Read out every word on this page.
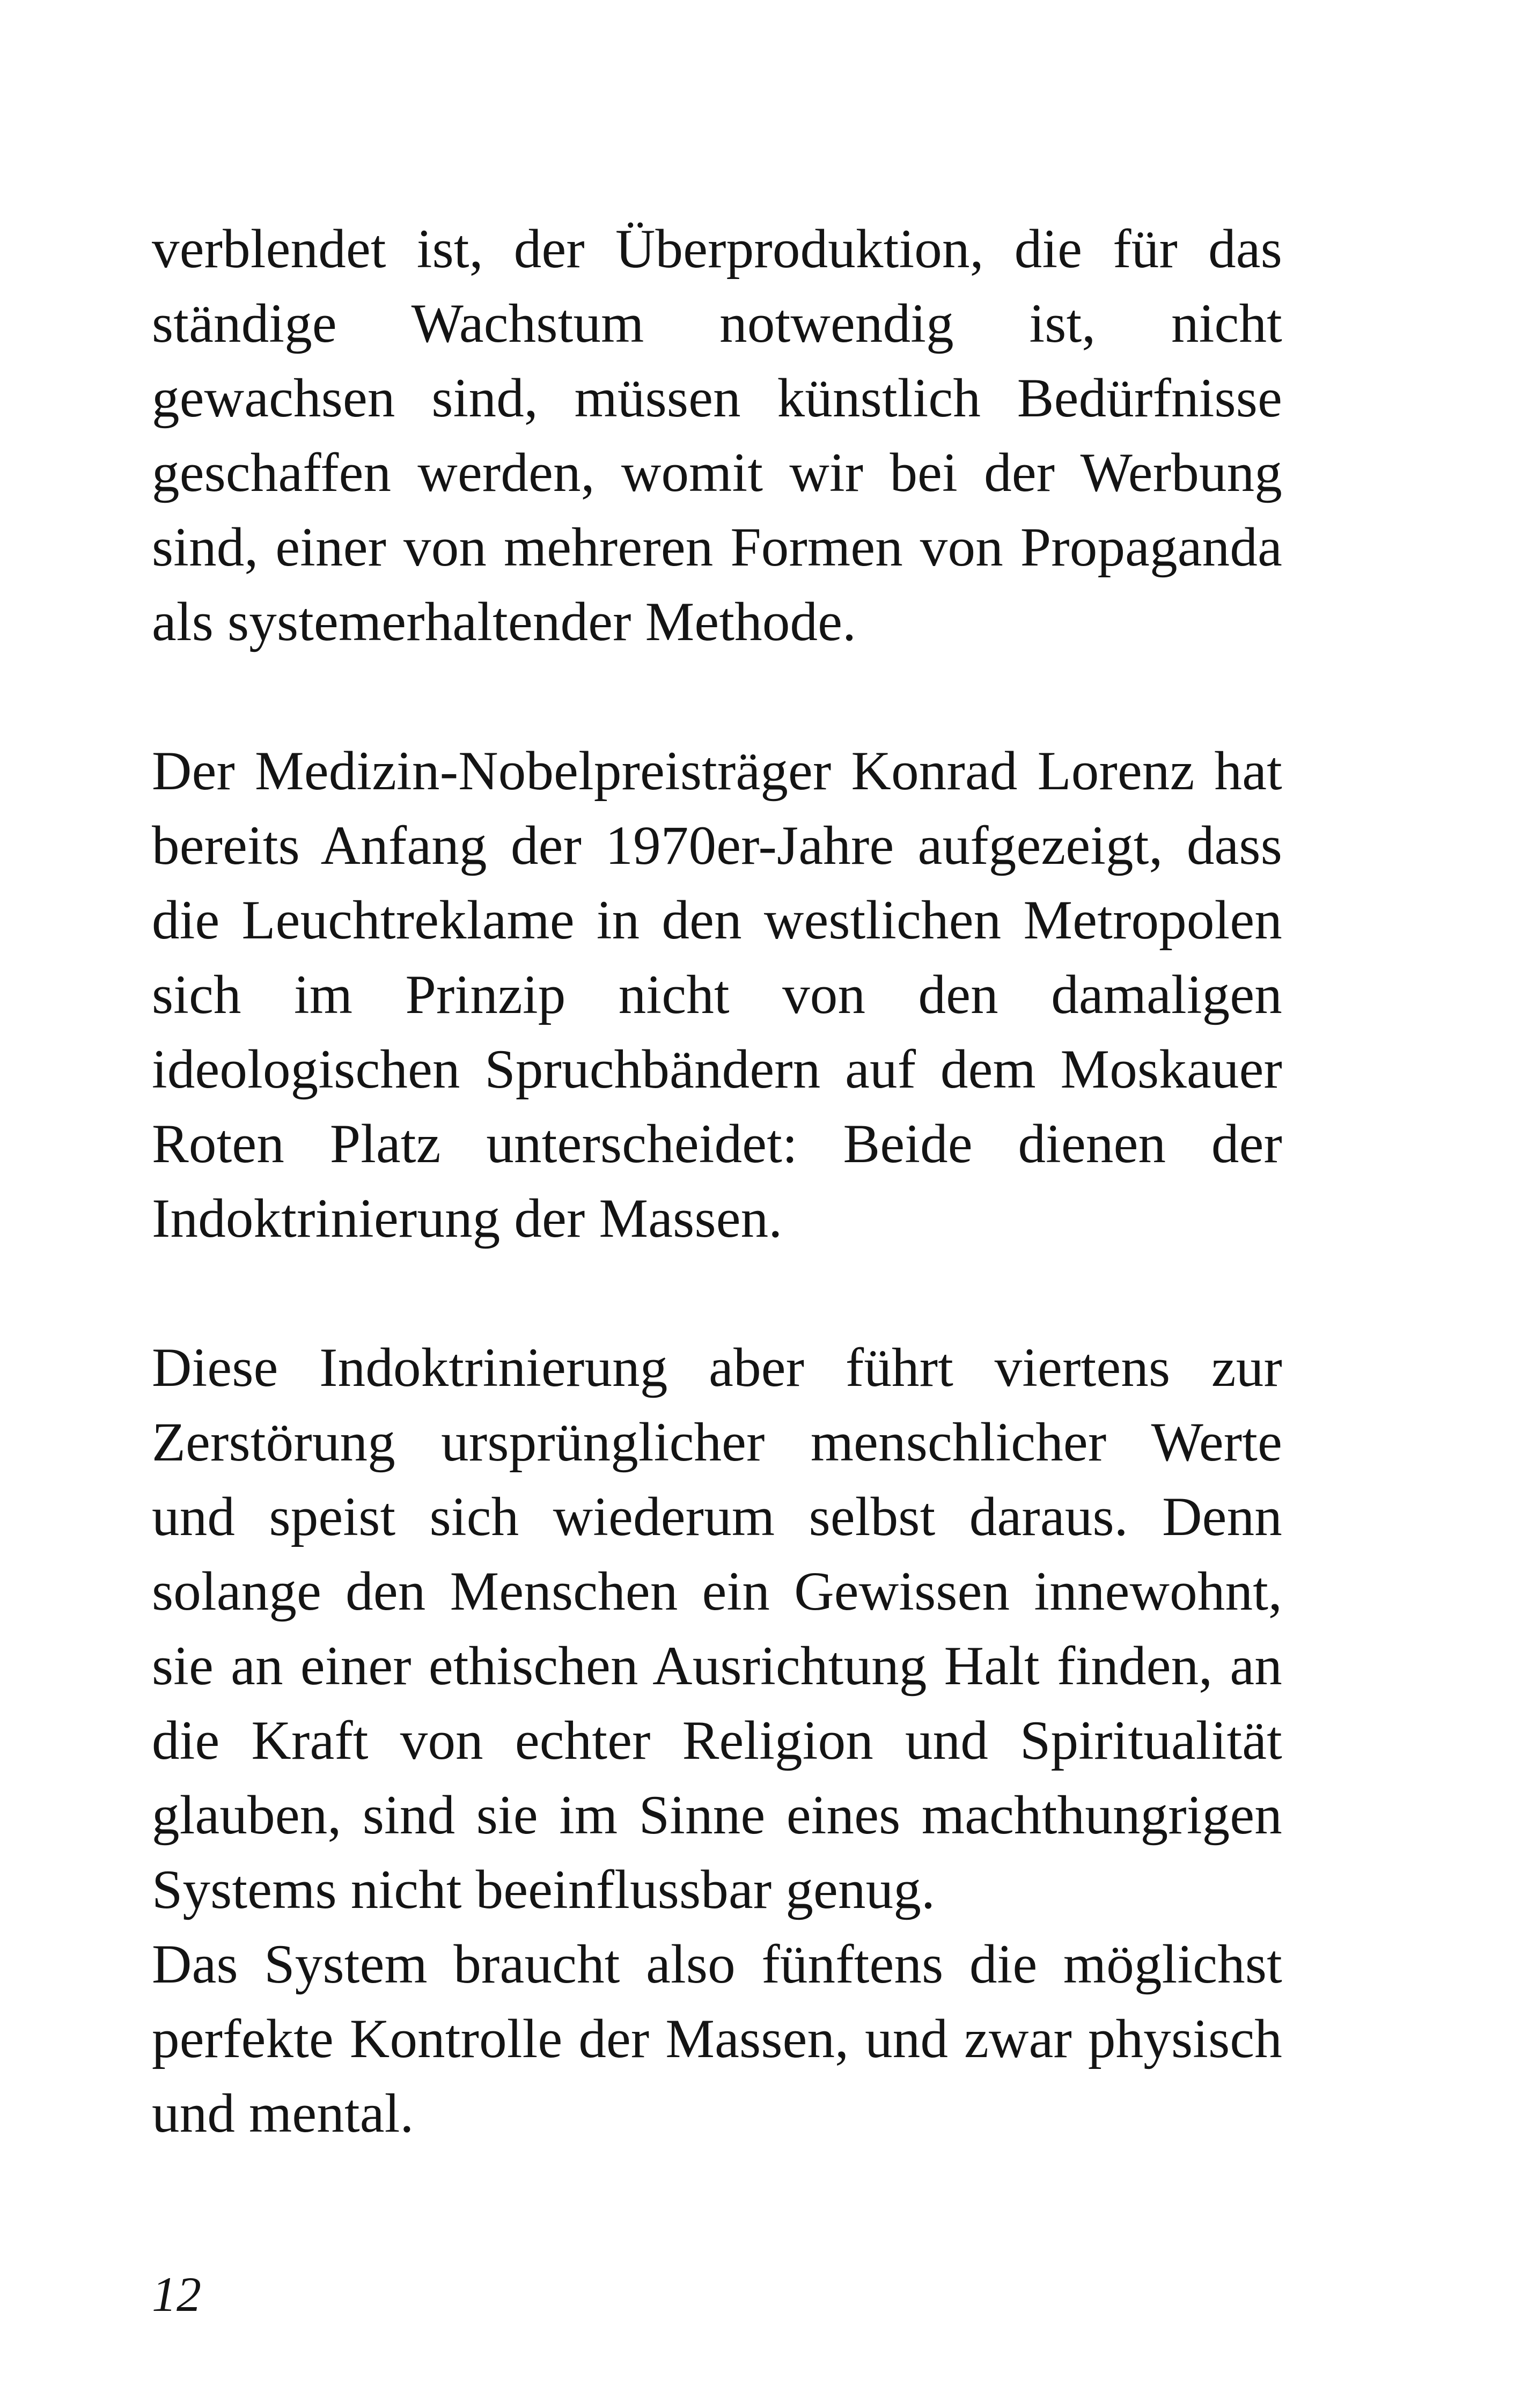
verblendet ist, der Überproduktion, die für das ständige Wachstum notwendig ist, nicht gewachsen sind, müssen künstlich Bedürfnisse geschaffen werden, womit wir bei der Werbung sind, einer von mehreren Formen von Propaganda als systemerhaltender Methode.

Der Medizin-Nobelpreisträger Konrad Lorenz hat bereits Anfang der 1970er-Jahre aufgezeigt, dass die Leuchtreklame in den westlichen Metropolen sich im Prinzip nicht von den damaligen ideologischen Spruchbändern auf dem Moskauer Roten Platz unterscheidet: Beide dienen der Indoktrinierung der Massen.

Diese Indoktrinierung aber führt viertens zur Zerstörung ursprünglicher menschlicher Werte und speist sich wiederum selbst daraus. Denn solange den Menschen ein Gewissen innewohnt, sie an einer ethischen Ausrichtung Halt finden, an die Kraft von echter Religion und Spiritualität glauben, sind sie im Sinne eines machthungrigen Systems nicht beeinflussbar genug.

Das System braucht also fünftens die möglichst perfekte Kontrolle der Massen, und zwar physisch und mental.

12
